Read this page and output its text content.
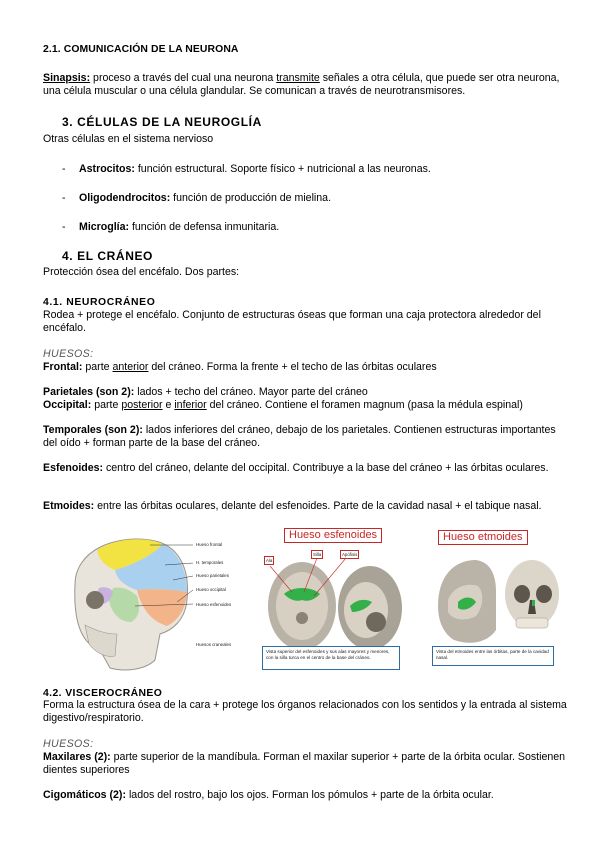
2.1. COMUNICACIÓN DE LA NEURONA
Sinapsis: proceso a través del cual una neurona transmite señales a otra célula, que puede ser otra neurona, una célula muscular o una célula glandular. Se comunican a través de neurotransmisores.
3. CÉLULAS DE LA NEUROGLÍA
Otras células en el sistema nervioso
- Astrocitos: función estructural. Soporte físico + nutricional a las neuronas.
- Oligodendrocitos: función de producción de mielina.
- Microglía: función de defensa inmunitaria.
4. EL CRÁNEO
Protección ósea del encéfalo. Dos partes:
4.1. NEUROCRÁNEO
Rodea + protege el encéfalo. Conjunto de estructuras óseas que forman una caja protectora alrededor del encéfalo.
HUESOS:
Frontal: parte anterior del cráneo. Forma la frente + el techo de las órbitas oculares
Parietales (son 2): lados + techo del cráneo. Mayor parte del cráneo
Occipital: parte posterior e inferior del cráneo. Contiene el foramen magnum (pasa la médula espinal)
Temporales (son 2): lados inferiores del cráneo, debajo de los parietales. Contienen estructuras importantes del oído + forman parte de la base del cráneo.
Esfenoides: centro del cráneo, delante del occipital. Contribuye a la base del cráneo + las órbitas oculares.
Etmoides: entre las órbitas oculares, delante del esfenoides. Parte de la cavidad nasal + el tabique nasal.
Hueso frontal
H. temporales
Hueso parietales
Hueso occipital
Hueso esfenoides
Huesos craneales
Hueso esfenoides
Ala
Silla	Apófisis
Vista superior del esfenoides y sus alas mayores y menores, con la silla turca en el centro de la base del cráneo.
Hueso etmoides
Vista del etmoides entre las órbitas, parte de la cavidad nasal.
4.2. VISCEROCRÁNEO
Forma la estructura ósea de la cara + protege los órganos relacionados con los sentidos y la entrada al sistema digestivo/respiratorio.
HUESOS:
Maxilares (2): parte superior de la mandíbula. Forman el maxilar superior + parte de la órbita ocular. Sostienen dientes superiores
Cigomáticos (2): lados del rostro, bajo los ojos. Forman los pómulos + parte de la órbita ocular.
